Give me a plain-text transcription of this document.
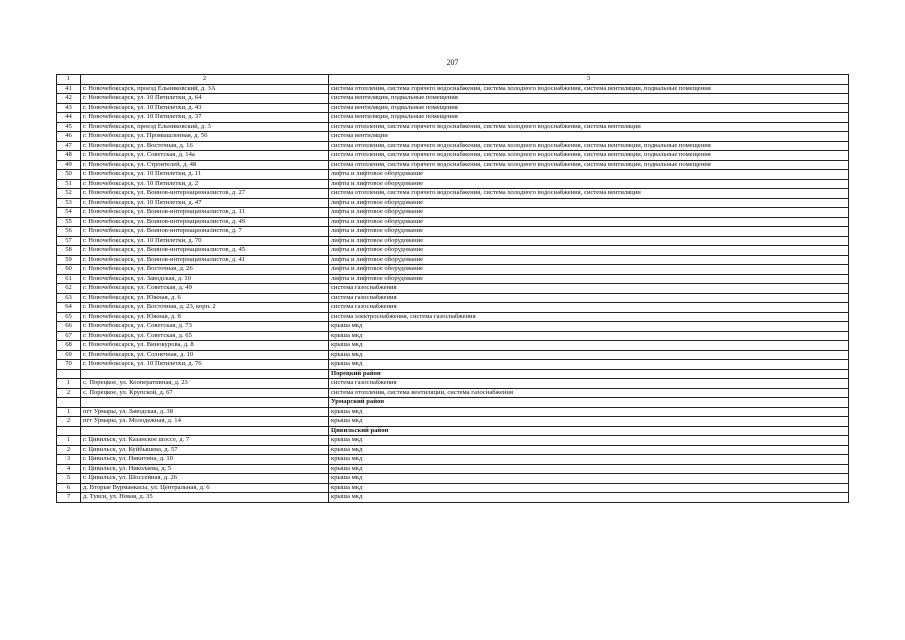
207
1	2	3
41	г. Новочебоксарск, проезд Ельниковский, д. 3А	система отопления, система горячего водоснабжения, система холодного водоснабжения, система вентиляции, подвальные помещения
42	г. Новочебоксарск, ул. 10 Пятилетки, д. 64	система вентиляции, подвальные помещения
43	г. Новочебоксарск, ул. 10 Пятилетки, д. 43	система вентиляции, подвальные помещения
44	г. Новочебоксарск, ул. 10 Пятилетки, д. 37	система вентиляции, подвальные помещения
45	г. Новочебоксарск, проезд Ельниковский, д. 3	система отопления, система горячего водоснабжения, система холодного водоснабжения, система вентиляции
46	г. Новочебоксарск, ул. Промышленная, д. 56	система вентиляции
47	г. Новочебоксарск, ул. Восточная, д. 16	система отопления, система горячего водоснабжения, система холодного водоснабжения, система вентиляции, подвальные помещения
48	г. Новочебоксарск, ул. Советская, д. 14а	система отопления, система горячего водоснабжения, система холодного водоснабжения, система вентиляции, подвальные помещения
49	г. Новочебоксарск, ул. Строителей, д. 48	система отопления, система горячего водоснабжения, система холодного водоснабжения, система вентиляции, подвальные помещения
50	г. Новочебоксарск, ул. 10 Пятилетки, д. 11	лифты и лифтовое оборудование
51	г. Новочебоксарск, ул. 10 Пятилетки, д. 2	лифты и лифтовое оборудование
52	г. Новочебоксарск, ул. Воинов-интернационалистов, д. 27	система отопления, система горячего водоснабжения, система холодного водоснабжения, система вентиляции
53	г. Новочебоксарск, ул. 10 Пятилетки, д. 47	лифты и лифтовое оборудование
54	г. Новочебоксарск, ул. Воинов-интернационалистов, д. 11	лифты и лифтовое оборудование
55	г. Новочебоксарск, ул. Воинов-интернационалистов, д. 49	лифты и лифтовое оборудование
56	г. Новочебоксарск, ул. Воинов-интернационалистов, д. 7	лифты и лифтовое оборудование
57	г. Новочебоксарск, ул. 10 Пятилетки, д. 70	лифты и лифтовое оборудование
58	г. Новочебоксарск, ул. Воинов-интернационалистов, д. 45	лифты и лифтовое оборудование
59	г. Новочебоксарск, ул. Воинов-интернационалистов, д. 41	лифты и лифтовое оборудование
60	г. Новочебоксарск, ул. Восточная, д. 26	лифты и лифтовое оборудование
61	г. Новочебоксарск, ул. Заводская, д. 10	лифты и лифтовое оборудование
62	г. Новочебоксарск, ул. Советская, д. 49	система газоснабжения
63	г. Новочебоксарск, ул. Южная, д. 6	система газоснабжения
64	г. Новочебоксарск, ул. Восточная, д. 23, корп. 2	система газоснабжения
65	г. Новочебоксарск, ул. Южная, д. 8	система электроснабжения, система газоснабжения
66	г. Новочебоксарск, ул. Советская, д. 73	крыша мкд
67	г. Новочебоксарск, ул. Советская, д. 65	крыша мкд
68	г. Новочебоксарск, ул. Винокурова, д. 8	крыша мкд
69	г. Новочебоксарск, ул. Солнечная, д. 10	крыша мкд
70	г. Новочебоксарск, ул. 10 Пятилетки, д. 76	крыша мкд
		Порецкий район
1	с. Порецкое, ул. Кооперативная, д. 23	система газоснабжения
2	с. Порецкое, ул. Крупской, д. 67	система отопления, система вентиляции, система газоснабжения
		Урмарский район
1	пгт Урмары, ул. Заводская, д. 38	крыша мкд
2	пгт Урмары, ул. Молодежная, д. 14	крыша мкд
		Цивильский район
1	г. Цивильск, ул. Казанское шоссе, д. 7	крыша мкд
2	г. Цивильск, ул. Куйбышева, д. 57	крыша мкд
3	г. Цивильск, ул. Никитина, д. 10	крыша мкд
4	г. Цивильск, ул. Николаева, д. 5	крыша мкд
5	г. Цивильск, ул. Шоссейная, д. 26	крыша мкд
6	д. Вторые Вурманкасы, ул. Центральная, д. 6	крыша мкд
7	д. Тувси, ул. Новая, д. 35	крыша мкд
